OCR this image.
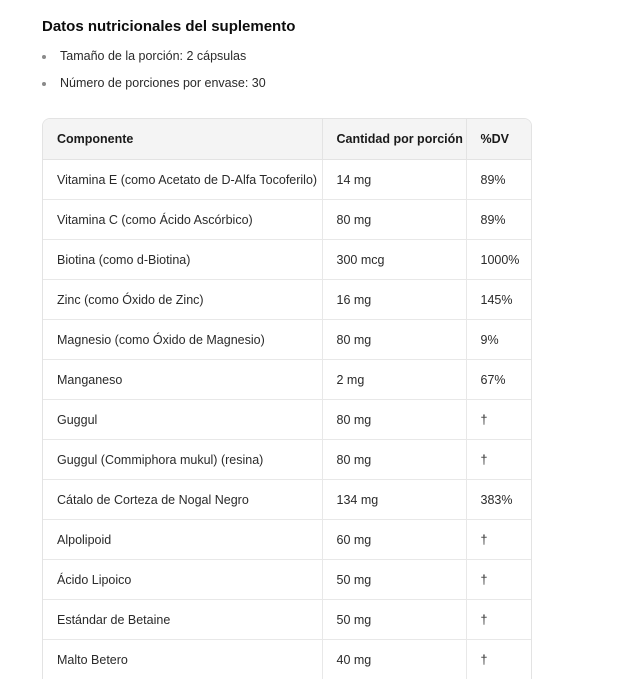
Datos nutricionales del suplemento
Tamaño de la porción: 2 cápsulas
Número de porciones por envase: 30
Componente	Cantidad por porción	%DV
Vitamina E (como Acetato de D-Alfa Tocoferilo)	14 mg	89%
Vitamina C (como Ácido Ascórbico)	80 mg	89%
Biotina (como d-Biotina)	300 mcg	1000%
Zinc (como Óxido de Zinc)	16 mg	145%
Magnesio (como Óxido de Magnesio)	80 mg	9%
Manganeso	2 mg	67%
Guggul	80 mg	†
Guggul (Commiphora mukul) (resina)	80 mg	†
Cátalo de Corteza de Nogal Negro	134 mg	383%
Alpolipoid	60 mg	†
Ácido Lipoico	50 mg	†
Estándar de Betaine	50 mg	†
Malto Betero	40 mg	†
